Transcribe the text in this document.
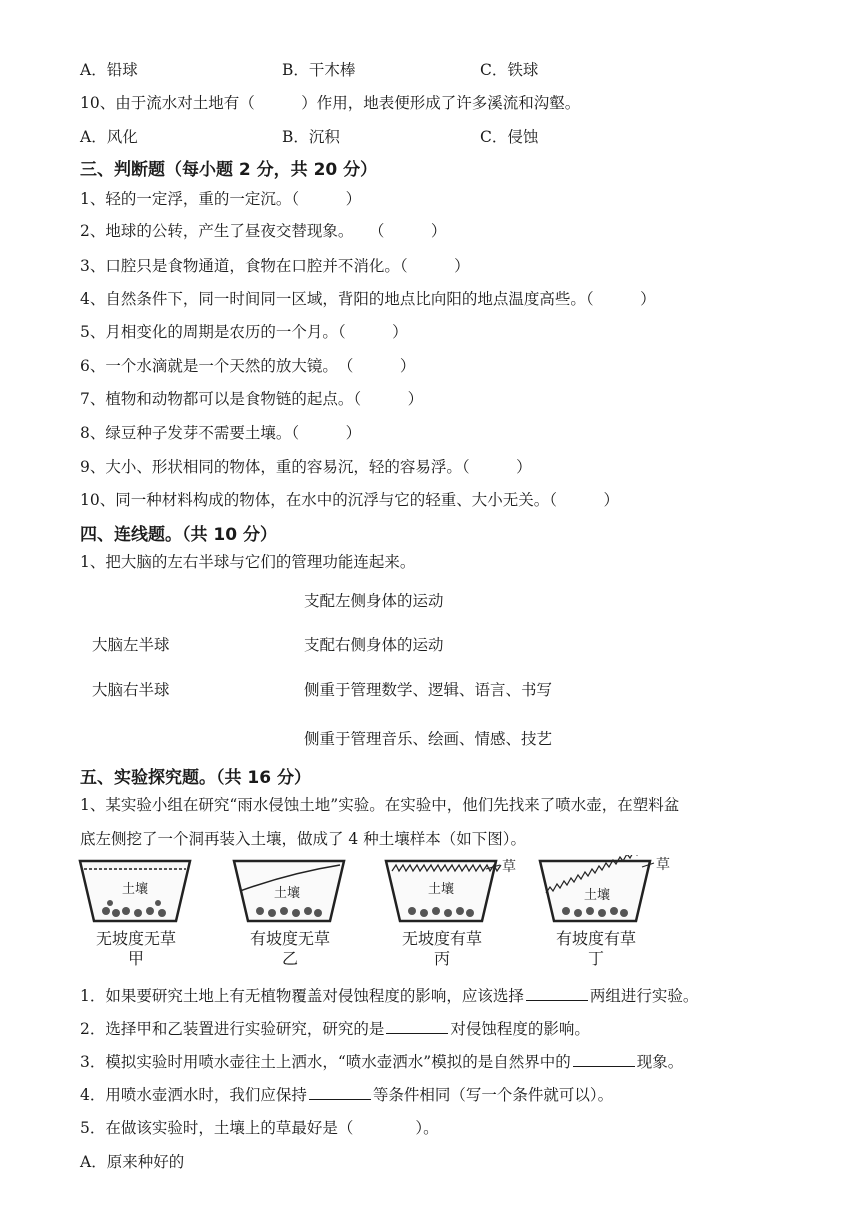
A．铅球	B．干木棒	C．铁球
10、由于流水对土地有（　　　）作用，地表便形成了许多溪流和沟壑。
A．风化	B．沉积	C．侵蚀
三、判断题（每小题 2 分，共 20 分）
1、轻的一定浮，重的一定沉。（　　　）
2、地球的公转，产生了昼夜交替现象。　　（　　　）
3、口腔只是食物通道，食物在口腔并不消化。（　　　）
4、自然条件下，同一时间同一区域，背阳的地点比向阳的地点温度高些。（　　　）
5、月相变化的周期是农历的一个月。（　　　）
6、一个水滴就是一个天然的放大镜。　（　　　）
7、植物和动物都可以是食物链的起点。（　　　）
8、绿豆种子发芽不需要土壤。（　　　）
9、大小、形状相同的物体，重的容易沉，轻的容易浮。（　　　）
10、同一种材料构成的物体，在水中的沉浮与它的轻重、大小无关。（　　　）
四、连线题。（共 10 分）
1、把大脑的左右半球与它们的管理功能连起来。
支配左侧身体的运动
大脑左半球	支配右侧身体的运动
大脑右半球	侧重于管理数学、逻辑、语言、书写
侧重于管理音乐、绘画、情感、技艺
五、实验探究题。（共 16 分）
1、某实验小组在研究“雨水侵蚀土地”实验。在实验中，他们先找来了喷水壶，在塑料盆
底左侧挖了一个洞再装入土壤，做成了 4 种土壤样本（如下图）。
土壤
无坡度无草
甲
土壤
有坡度无草
乙
土壤
草
无坡度有草
丙
土壤
草
有坡度有草
丁
1．如果要研究土地上有无植物覆盖对侵蚀程度的影响，应该选择	两组进行实验。
2．选择甲和乙装置进行实验研究，研究的是	对侵蚀程度的影响。
3．模拟实验时用喷水壶往土上洒水，“喷水壶洒水”模拟的是自然界中的	现象。
4．用喷水壶洒水时，我们应保持	等条件相同（写一个条件就可以）。
5．在做该实验时，土壤上的草最好是（　　　　）。
A．原来种好的
